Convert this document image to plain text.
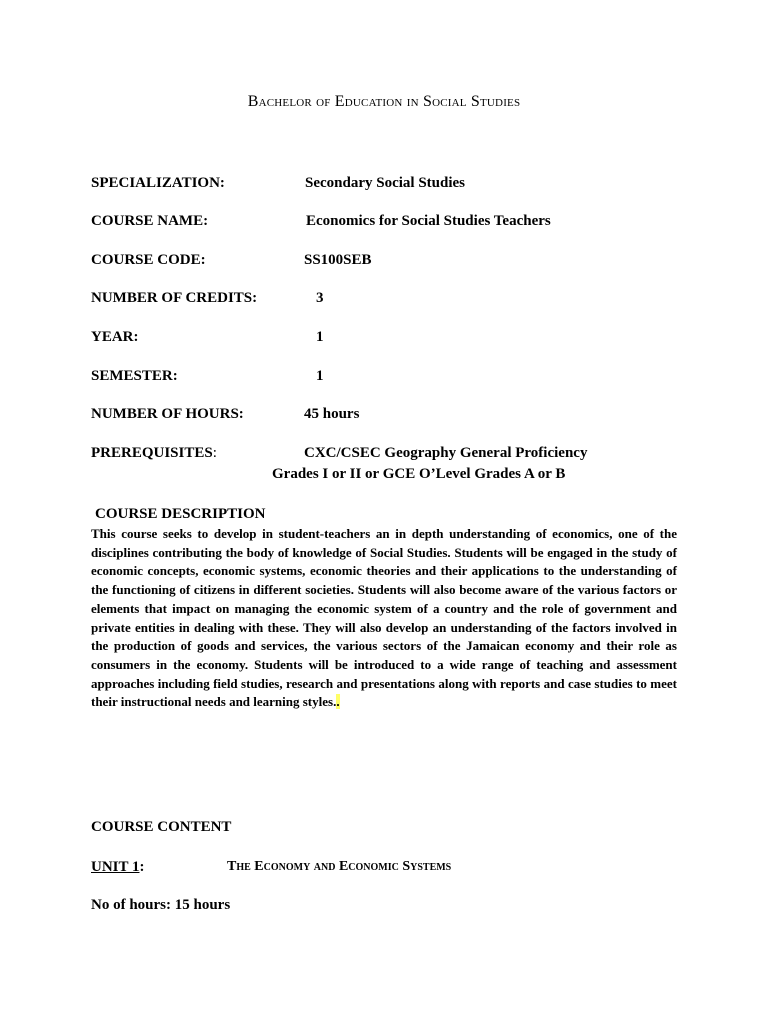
Bachelor of Education in Social Studies
SPECIALIZATION:	Secondary Social Studies
COURSE NAME:	Economics for Social Studies Teachers
COURSE CODE:	SS100SEB
NUMBER OF CREDITS:	3
YEAR:	1
SEMESTER:	1
NUMBER OF HOURS:	45 hours
PREREQUISITES:	CXC/CSEC Geography General Proficiency
Grades I or II or GCE O’Level Grades A or B
COURSE DESCRIPTION
This course seeks to develop in student-teachers an in depth understanding of economics, one of the disciplines contributing the body of knowledge of Social Studies. Students will be engaged in the study of economic concepts, economic systems, economic theories and their applications to the understanding of the functioning of citizens in different societies. Students will also become aware of the various factors or elements that impact on managing the economic system of a country and the role of government and private entities in dealing with these. They will also develop an understanding of the factors involved in the production of goods and services, the various sectors of the Jamaican economy and their role as consumers in the economy. Students will be introduced to a wide range of teaching and assessment approaches including field studies, research and presentations along with reports and case studies to meet their instructional needs and learning styles..
COURSE CONTENT
UNIT 1:	The Economy and Economic Systems
No of hours: 15 hours
